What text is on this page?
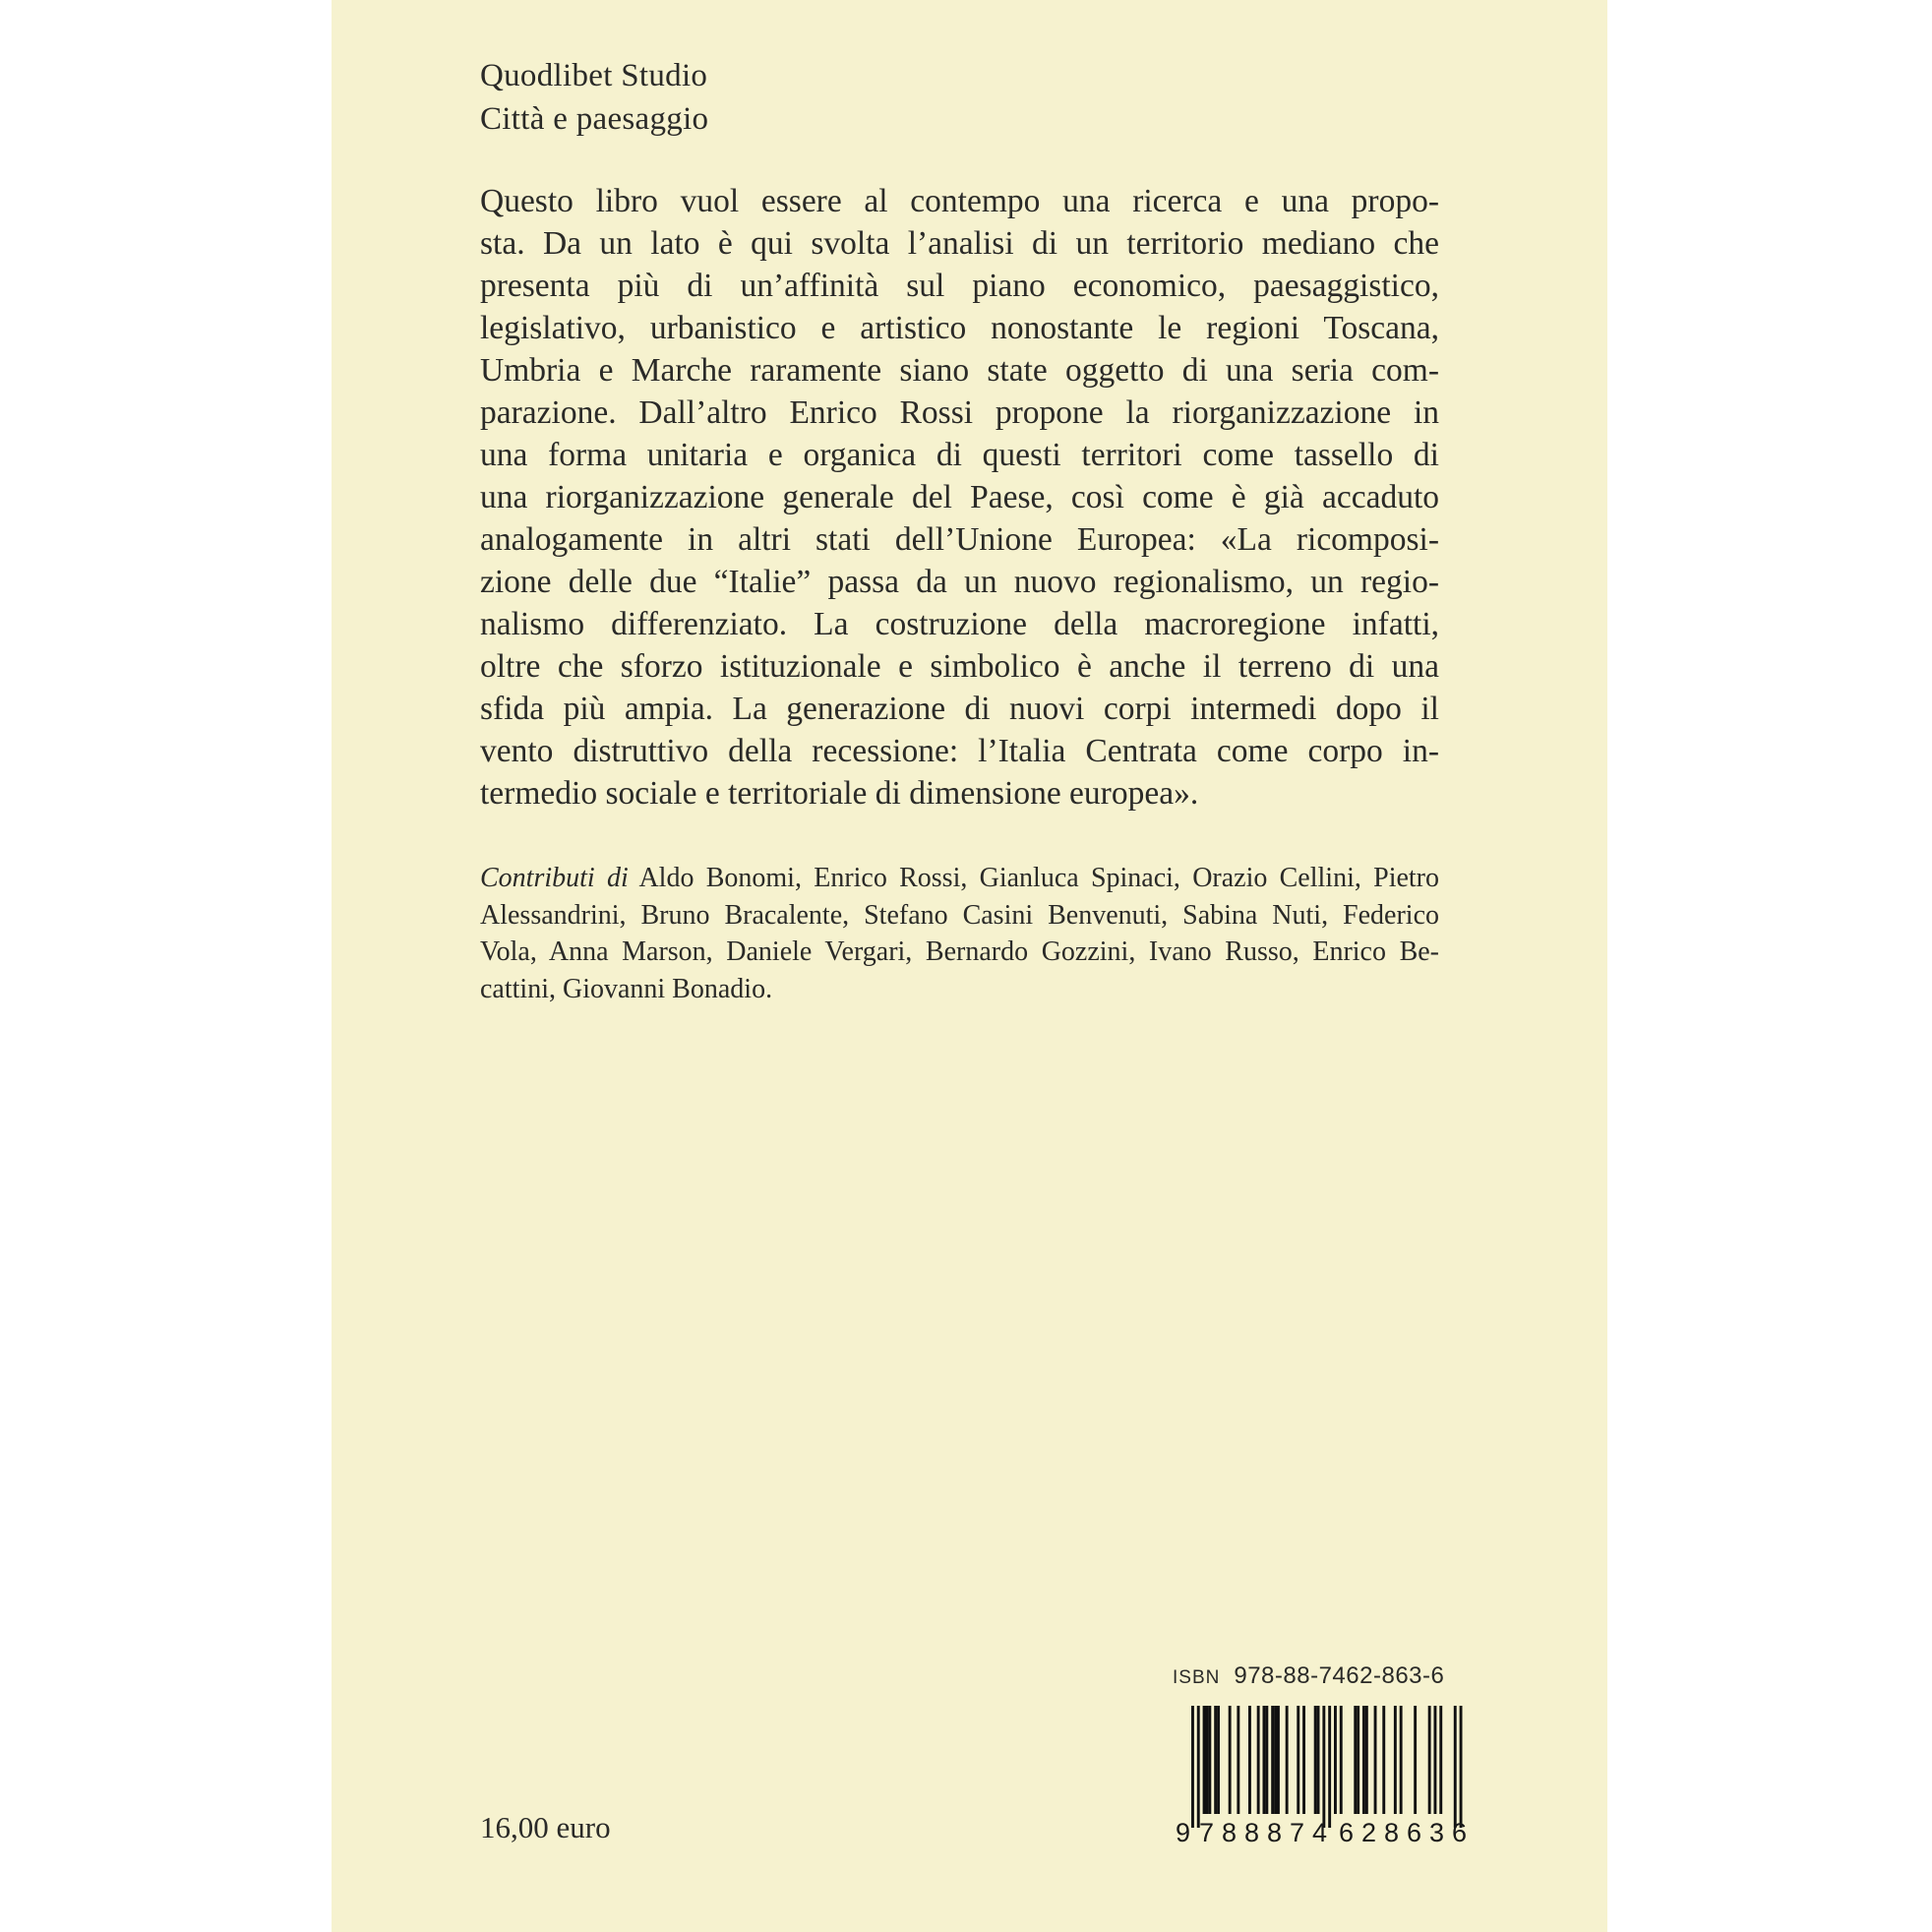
Quodlibet Studio
Città e paesaggio
Questo libro vuol essere al contempo una ricerca e una propo-
sta. Da un lato è qui svolta l’analisi di un territorio mediano che
presenta più di un’affinità sul piano economico, paesaggistico,
legislativo, urbanistico e artistico nonostante le regioni Toscana,
Umbria e Marche raramente siano state oggetto di una seria com-
parazione. Dall’altro Enrico Rossi propone la riorganizzazione in
una forma unitaria e organica di questi territori come tassello di
una riorganizzazione generale del Paese, così come è già accaduto
analogamente in altri stati dell’Unione Europea: «La ricomposi-
zione delle due “Italie” passa da un nuovo regionalismo, un regio-
nalismo differenziato. La costruzione della macroregione infatti,
oltre che sforzo istituzionale e simbolico è anche il terreno di una
sfida più ampia. La generazione di nuovi corpi intermedi dopo il
vento distruttivo della recessione: l’Italia Centrata come corpo in-
termedio sociale e territoriale di dimensione europea».
Contributi di Aldo Bonomi, Enrico Rossi, Gianluca Spinaci, Orazio Cellini, Pietro
Alessandrini, Bruno Bracalente, Stefano Casini Benvenuti, Sabina Nuti, Federico
Vola, Anna Marson, Daniele Vergari, Bernardo Gozzini, Ivano Russo, Enrico Be-
cattini, Giovanni Bonadio.
16,00 euro
ISBN 978-88-7462-863-6
9 788874 628636
